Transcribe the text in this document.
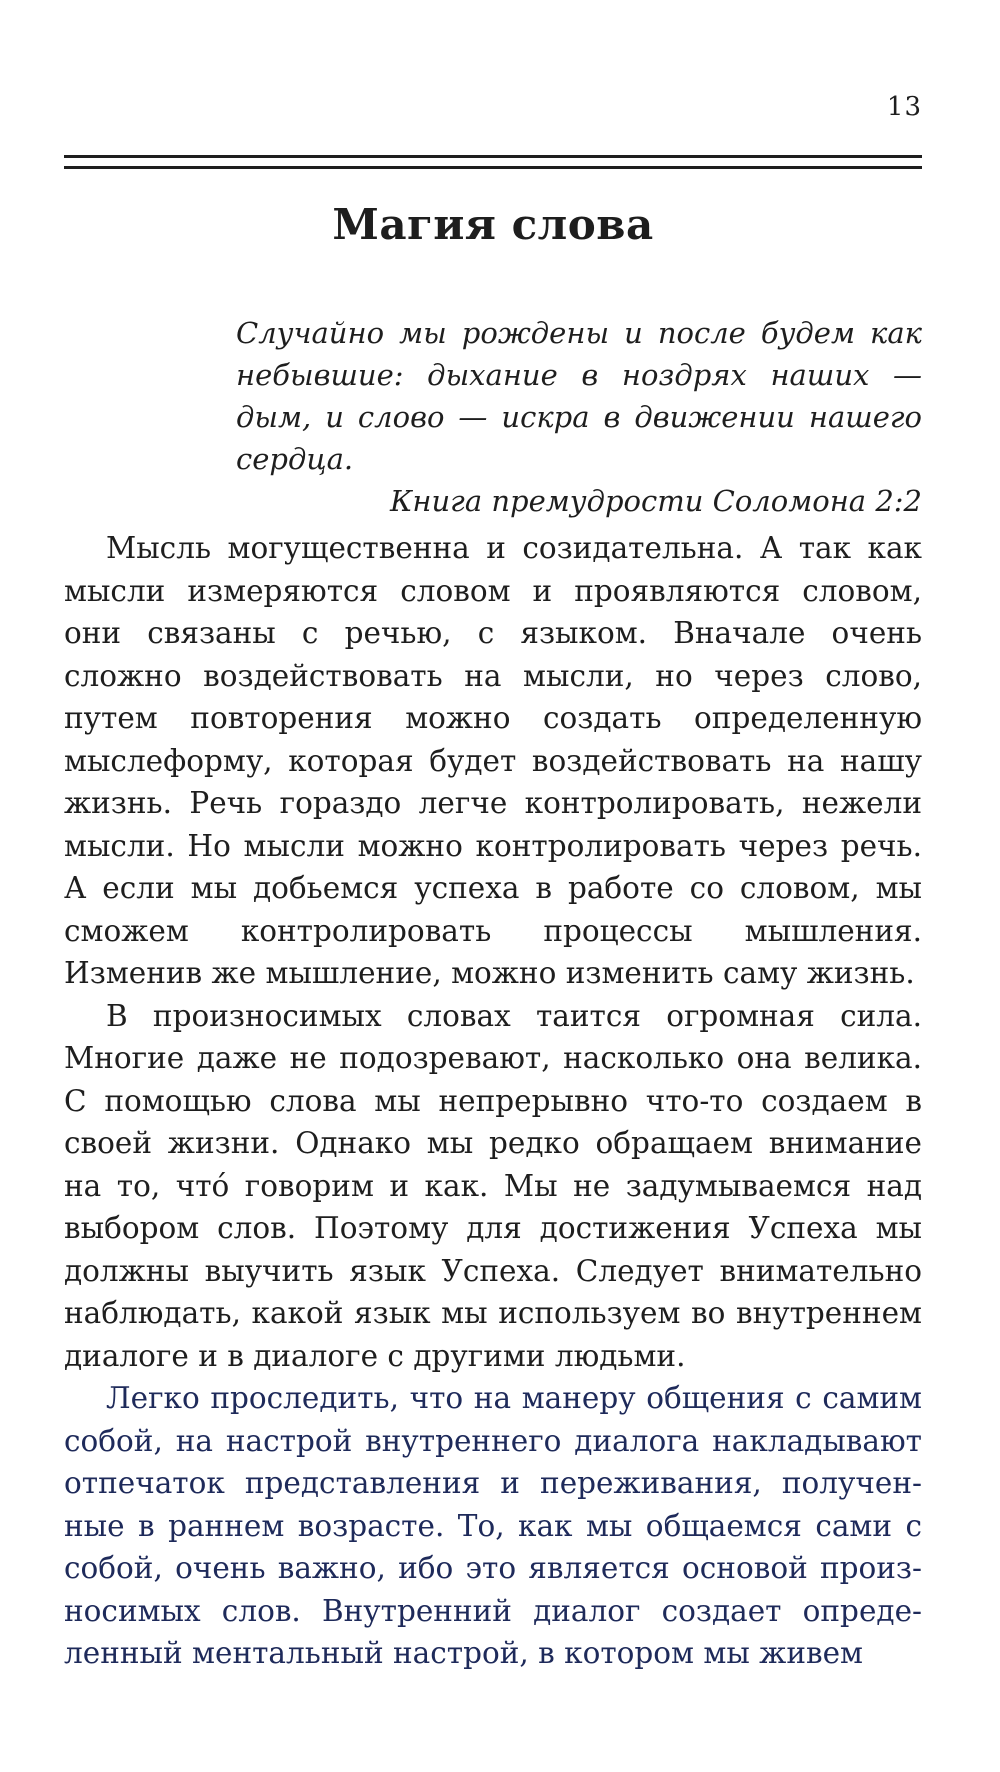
13
Магия слова
Случайно мы рождены и после будем как небывшие: дыхание в ноздрях наших — дым, и слово — искра в движении нашего сердца.
Книга премудрости Соломона 2:2

Мысль могущественна и созидательна. А так как мысли измеряются словом и проявляются словом, они связаны с речью, с языком. Вначале очень сложно воздействовать на мысли, но через слово, путем повторения можно создать определенную мыслеформу, которая будет воздействовать на нашу жизнь. Речь гораздо легче контролировать, нежели мысли. Но мысли можно контролировать через речь. А если мы добьемся успеха в работе со словом, мы сможем контролировать процессы мышления. Изменив же мышление, можно изменить саму жизнь.

В произносимых словах таится огромная сила. Многие даже не подозревают, насколько она велика. С помощью слова мы непрерывно что-то создаем в своей жизни. Однако мы редко обращаем внимание на то, чтó говорим и как. Мы не задумываемся над выбором слов. Поэтому для достижения Успеха мы должны выучить язык Успеха. Следует внимательно наблюдать, какой язык мы используем во внутреннем диалоге и в диалоге с другими людьми.

Легко проследить, что на манеру общения с самим собой, на настрой внутреннего диалога накладывают отпечаток представления и переживания, полученные в раннем возрасте. То, как мы общаемся сами с собой, очень важно, ибо это является основой произносимых слов. Внутренний диалог создает определенный ментальный настрой, в котором мы живем
